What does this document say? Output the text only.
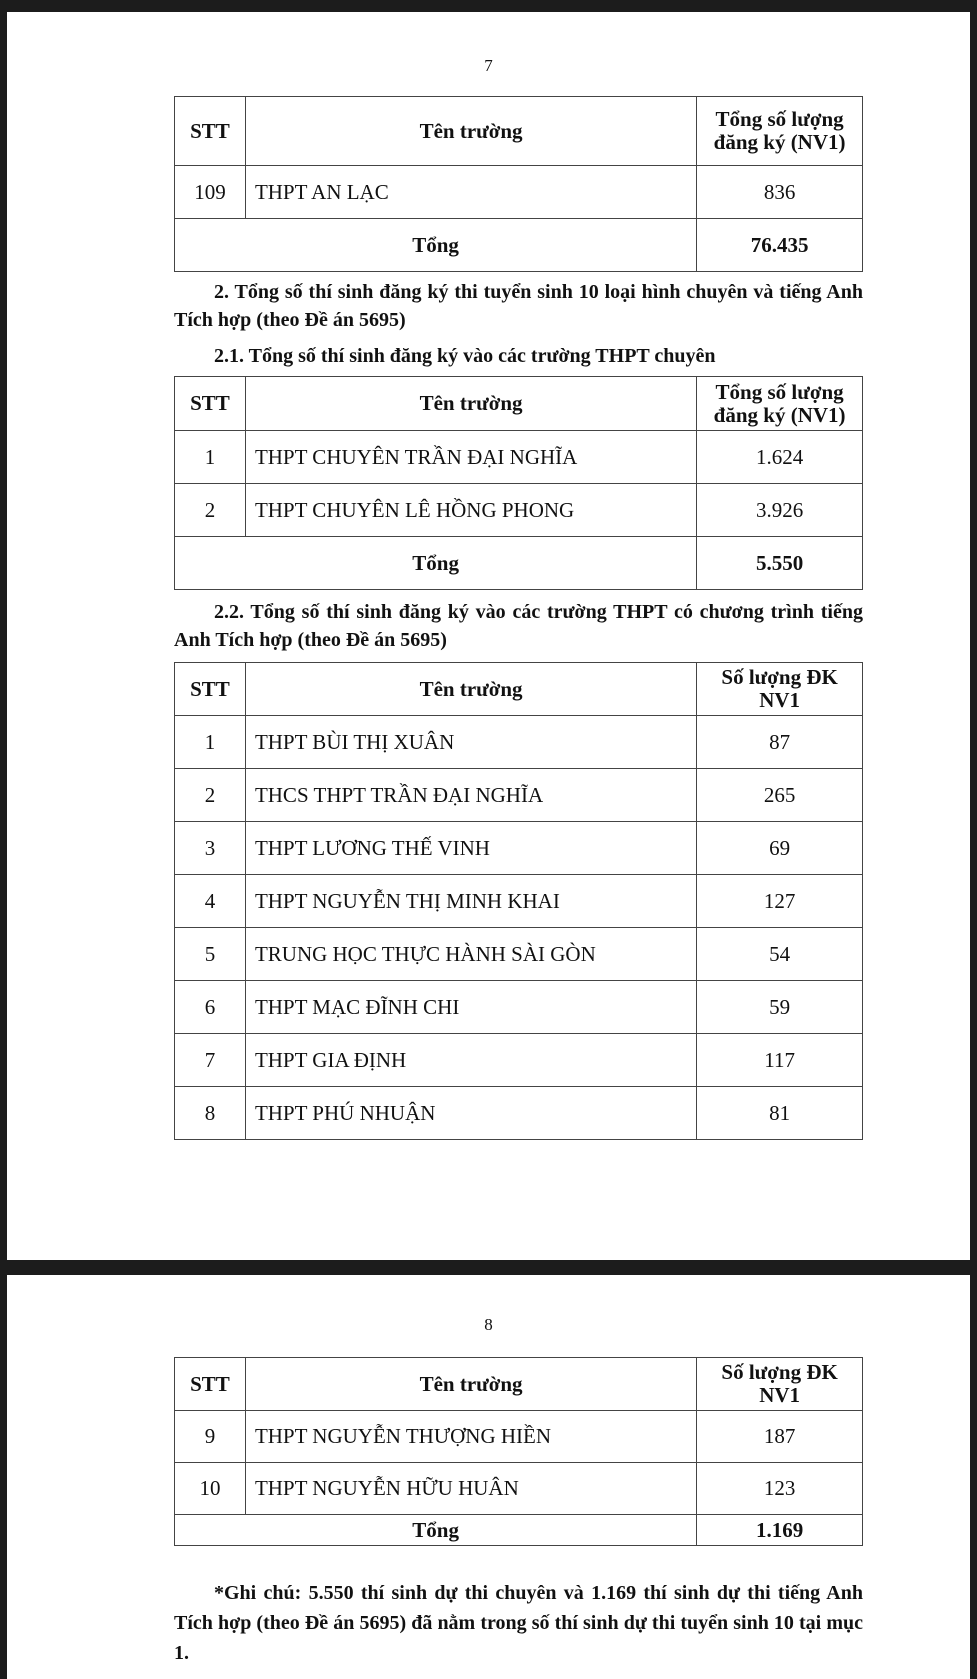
7
STT	Tên trường	Tổng số lượng
đăng ký (NV1)
109	THPT AN LẠC	836
Tổng		76.435
2. Tổng số thí sinh đăng ký thi tuyển sinh 10 loại hình chuyên và tiếng Anh Tích hợp (theo Đề án 5695)
2.1. Tổng số thí sinh đăng ký vào các trường THPT chuyên
STT	Tên trường	Tổng số lượng
đăng ký (NV1)
1	THPT CHUYÊN TRẦN ĐẠI NGHĨA	1.624
2	THPT CHUYÊN LÊ HỒNG PHONG	3.926
Tổng		5.550
2.2. Tổng số thí sinh đăng ký vào các trường THPT có chương trình tiếng Anh Tích hợp (theo Đề án 5695)
STT	Tên trường	Số lượng ĐK
NV1
1	THPT BÙI THỊ XUÂN	87
2	THCS THPT TRẦN ĐẠI NGHĨA	265
3	THPT LƯƠNG THẾ VINH	69
4	THPT NGUYỄN THỊ MINH KHAI	127
5	TRUNG HỌC THỰC HÀNH SÀI GÒN	54
6	THPT MẠC ĐĨNH CHI	59
7	THPT GIA ĐỊNH	117
8	THPT PHÚ NHUẬN	81
8
STT	Tên trường	Số lượng ĐK
NV1
9	THPT NGUYỄN THƯỢNG HIỀN	187
10	THPT NGUYỄN HỮU HUÂN	123
Tổng		1.169
*Ghi chú: 5.550 thí sinh dự thi chuyên và 1.169 thí sinh dự thi tiếng Anh Tích hợp (theo Đề án 5695) đã nằm trong số thí sinh dự thi tuyển sinh 10 tại mục 1.
